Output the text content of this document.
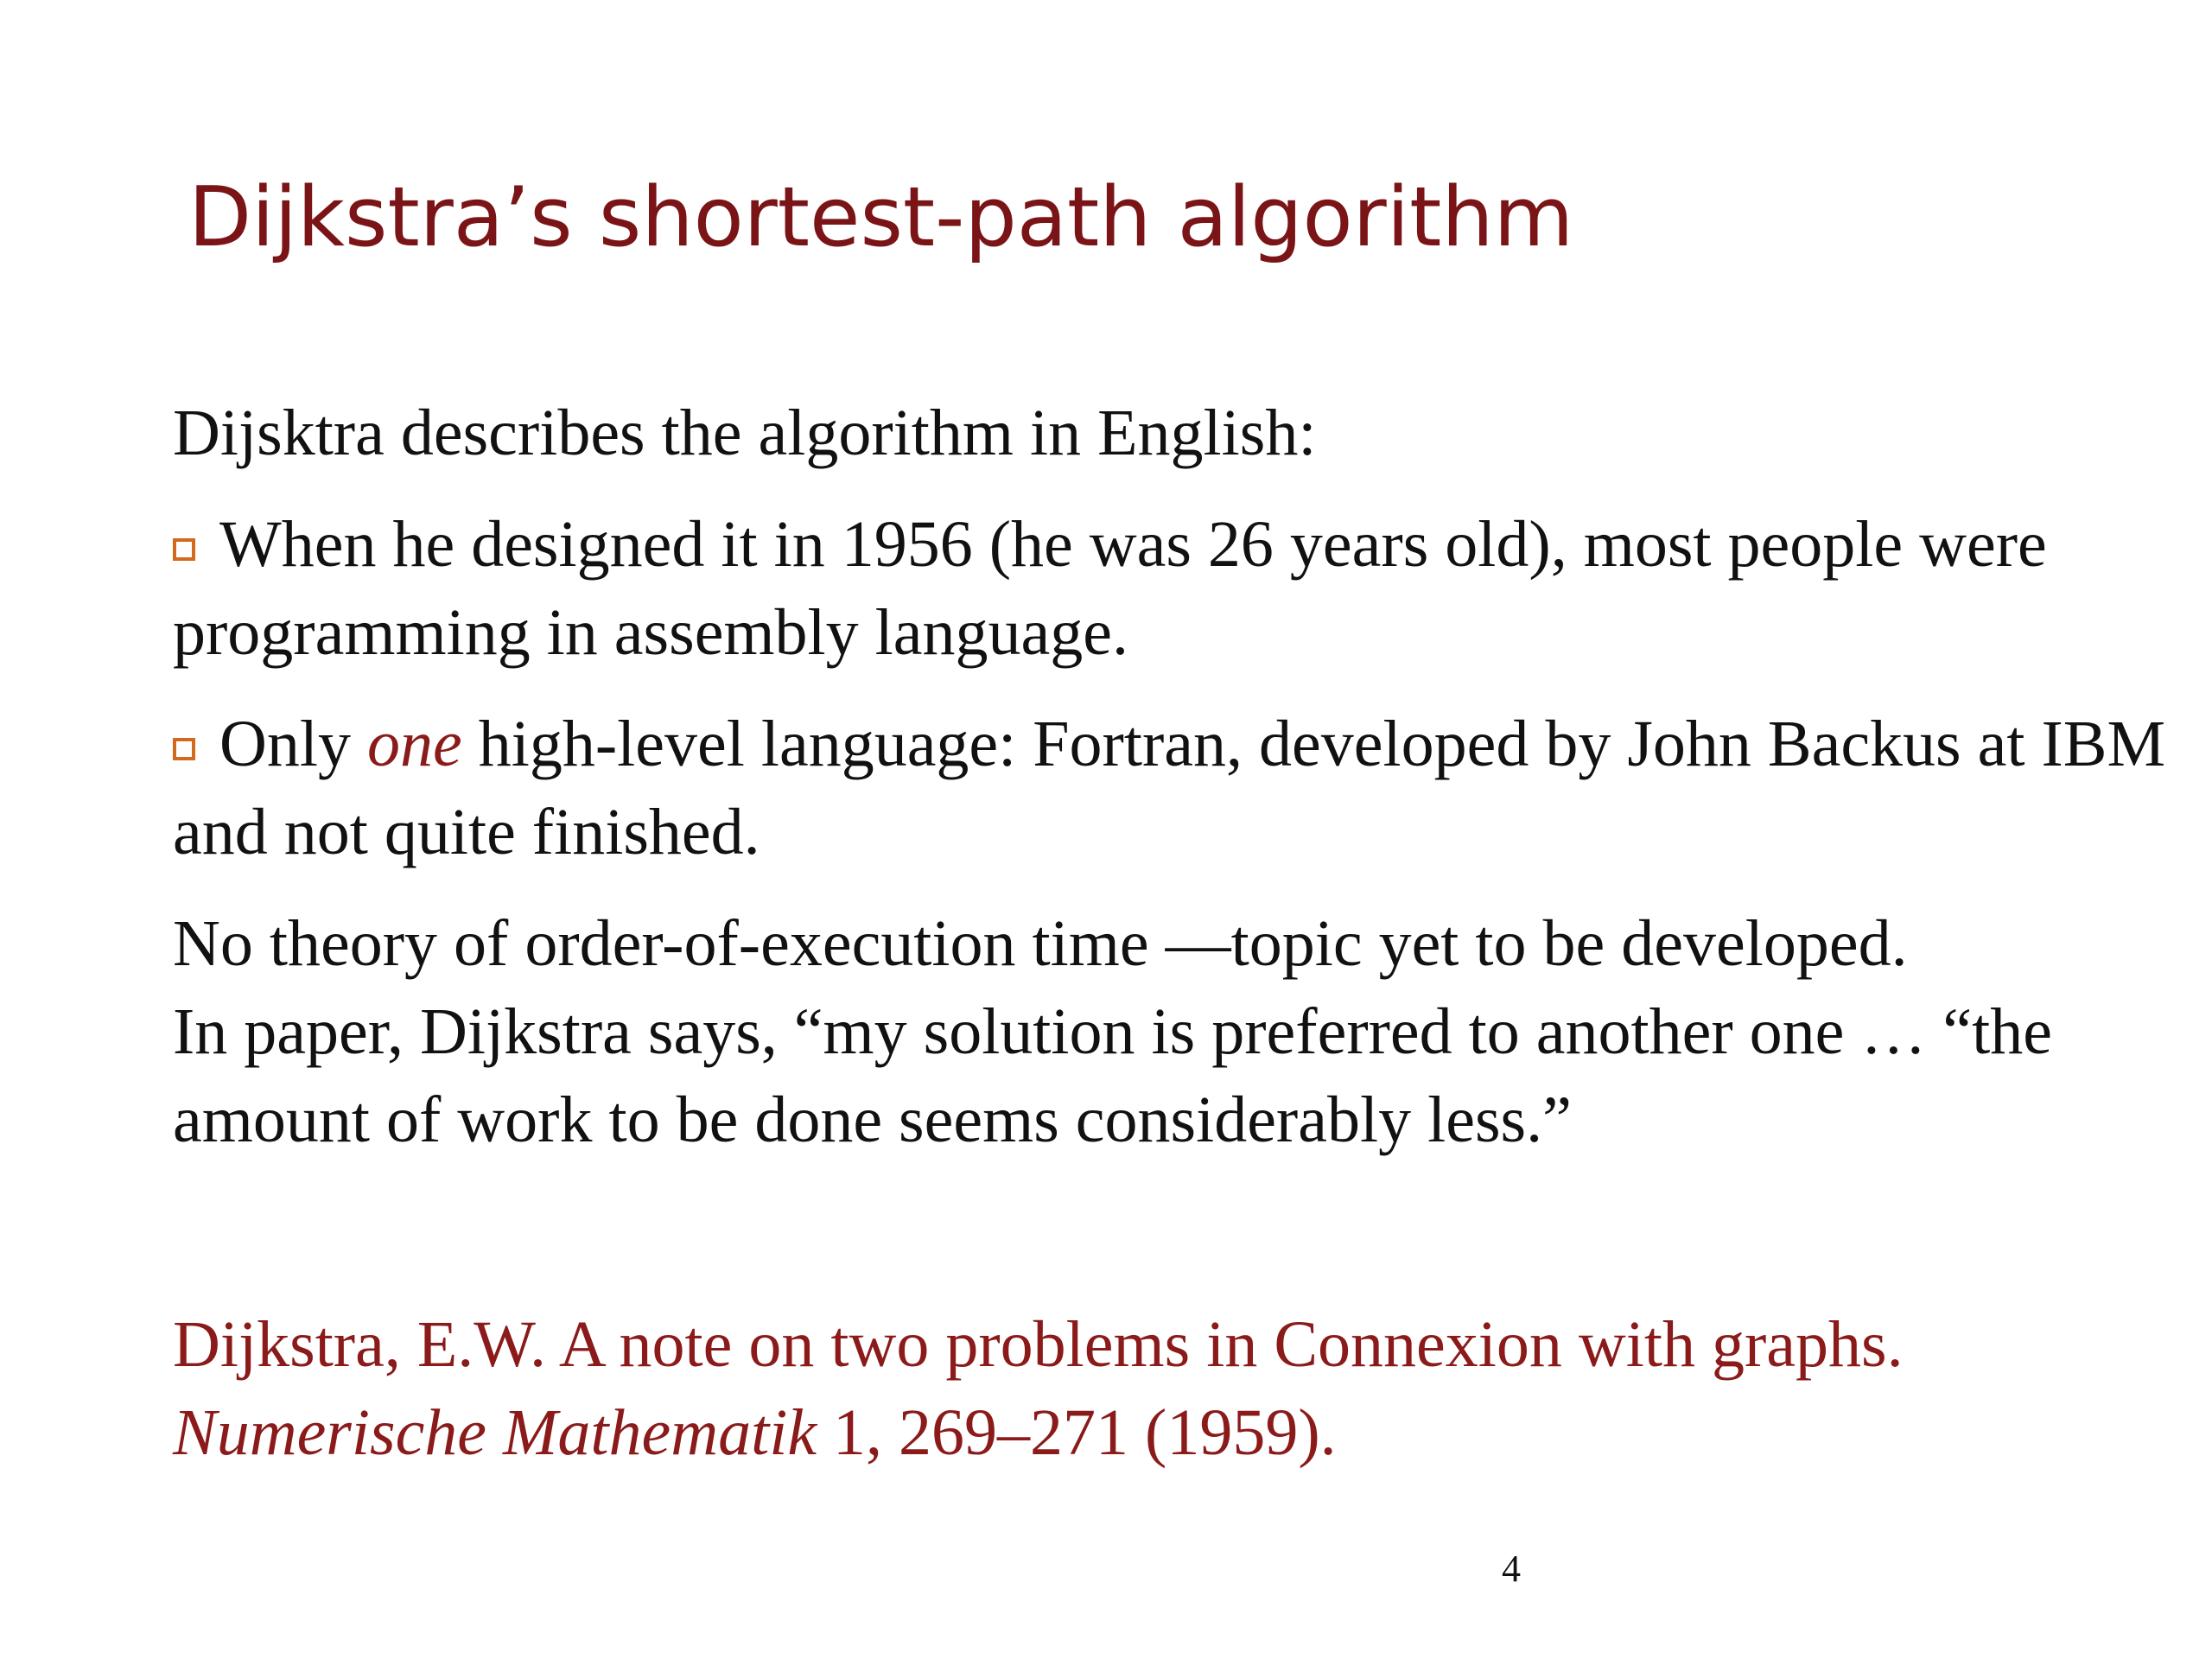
Dijkstra’s shortest-path algorithm

Dijsktra describes the algorithm in English:

When he designed it in 1956 (he was 26 years old), most people were programming in assembly language.

Only one high-level language: Fortran, developed by John Backus at IBM and not quite finished.

No theory of order-of-execution time —topic yet to be developed.

In paper, Dijkstra says, “my solution is preferred to another one … “the amount of work to be done seems considerably less.”

Dijkstra, E.W. A note on two problems in Connexion with graphs.
Numerische Mathematik 1, 269–271 (1959).
4
